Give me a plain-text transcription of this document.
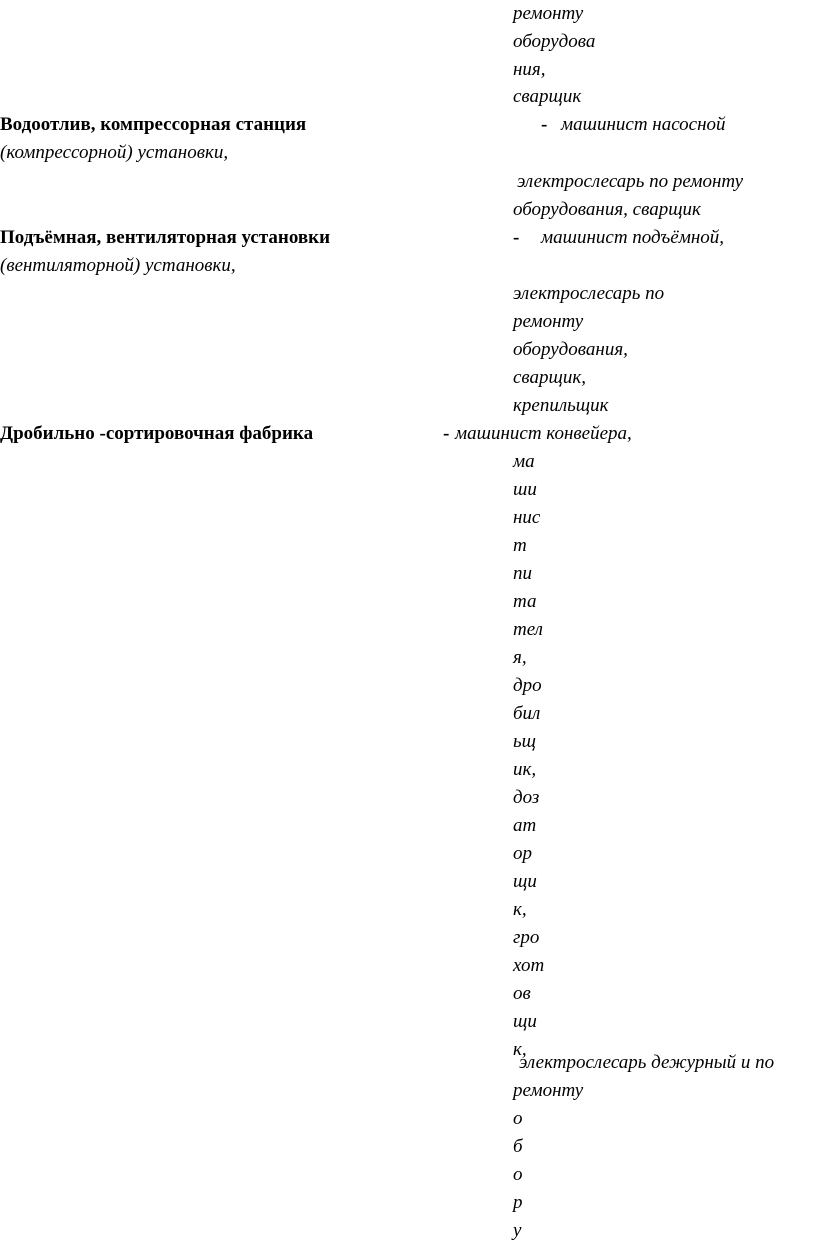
ремонту
оборудова
ния,
сварщик
Водоотлив, компрессорная станция	- машинист насосной
(компрессорной) установки,
электрослесарь по ремонту
оборудования, сварщик
Подъёмная, вентиляторная установки	- машинист подъёмной,
(вентиляторной) установки,
электрослесарь по
ремонту
оборудования,
сварщик,
крепильщик
Дробильно -сортировочная фабрика	- машинист конвейера,
ма
ши
нис
т
пи
та
тел
я,
дро
бил
ьщ
ик,
доз
ат
ор
щи
к,
гро
хот
ов
щи
к,
электрослесарь дежурный и по
ремонту
о
б
о
р
у
